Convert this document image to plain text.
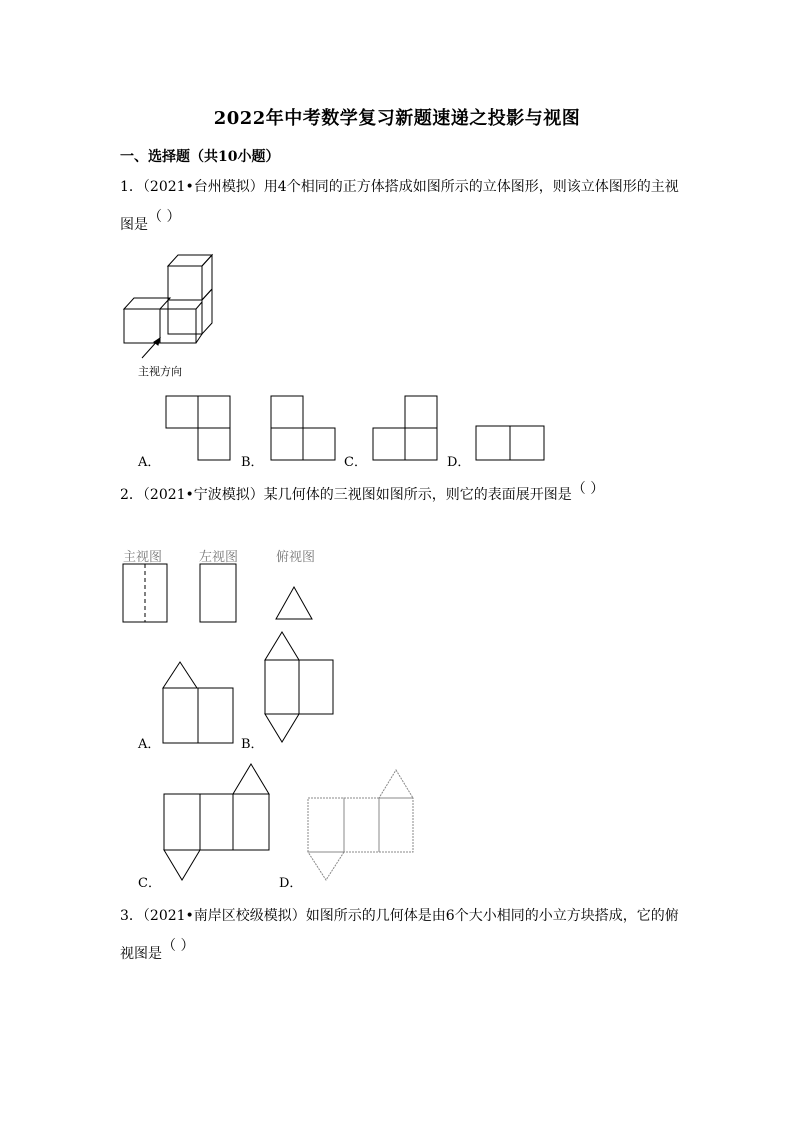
2022年中考数学复习新题速递之投影与视图
一、选择题（共10小题）
1．（2021•台州模拟）用4个相同的正方体搭成如图所示的立体图形，则该立体图形的主视
图是（ ）
主视方向
A．	B．	C．	D．
2．（2021•宁波模拟）某几何体的三视图如图所示，则它的表面展开图是（ ）
主视图	左视图	俯视图
A．	B．
C．	D．
3．（2021•南岸区校级模拟）如图所示的几何体是由6个大小相同的小立方块搭成，它的俯
视图是（ ）
